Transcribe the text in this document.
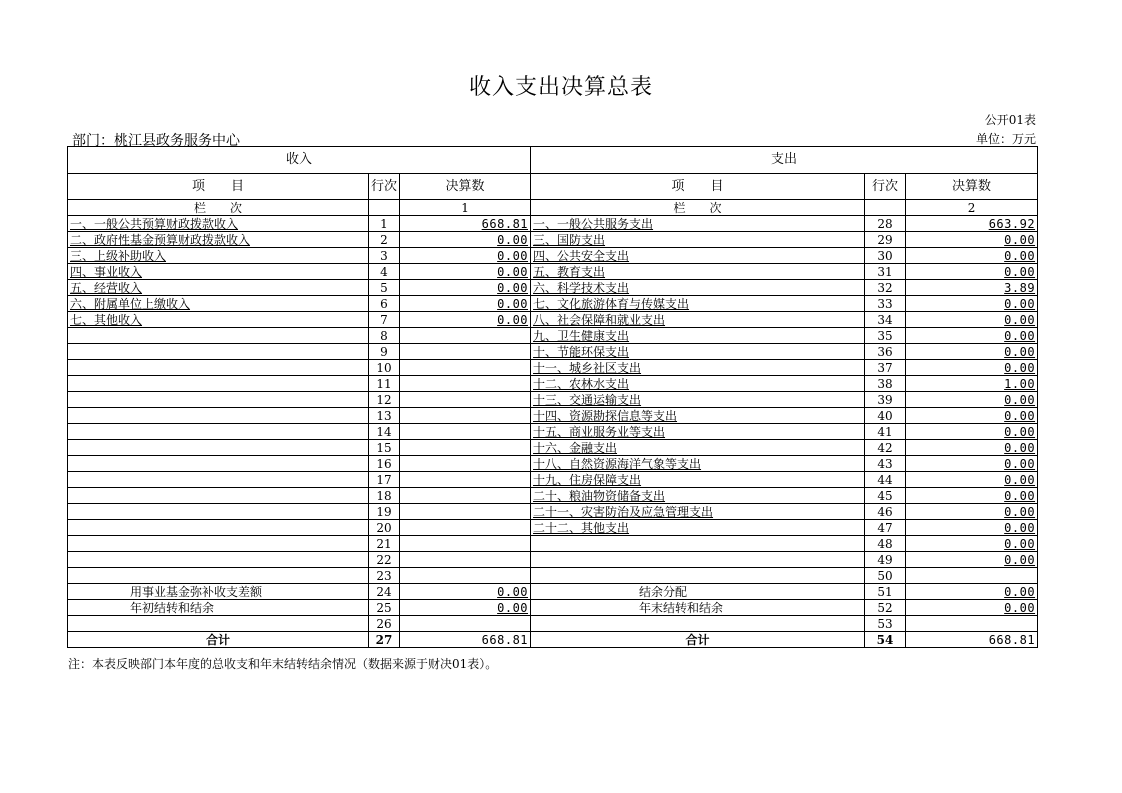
收入支出决算总表
公开01表
部门：桃江县政务服务中心	单位：万元
收入			支出		
项　　目	行次	决算数	项　　目	行次	决算数
栏　　次		1	栏　　次		2
一、一般公共预算财政拨款收入	1	668.81	一、一般公共服务支出	28	663.92
二、政府性基金预算财政拨款收入	2	0.00	三、国防支出	29	0.00
三、上级补助收入	3	0.00	四、公共安全支出	30	0.00
四、事业收入	4	0.00	五、教育支出	31	0.00
五、经营收入	5	0.00	六、科学技术支出	32	3.89
六、附属单位上缴收入	6	0.00	七、文化旅游体育与传媒支出	33	0.00
七、其他收入	7	0.00	八、社会保障和就业支出	34	0.00
	8		九、卫生健康支出	35	0.00
	9		十、节能环保支出	36	0.00
	10		十一、城乡社区支出	37	0.00
	11		十二、农林水支出	38	1.00
	12		十三、交通运输支出	39	0.00
	13		十四、资源勘探信息等支出	40	0.00
	14		十五、商业服务业等支出	41	0.00
	15		十六、金融支出	42	0.00
	16		十八、自然资源海洋气象等支出	43	0.00
	17		十九、住房保障支出	44	0.00
	18		二十、粮油物资储备支出	45	0.00
	19		二十一、灾害防治及应急管理支出	46	0.00
	20		二十二、其他支出	47	0.00
	21			48	0.00
	22			49	0.00
	23			50	
用事业基金弥补收支差额	24	0.00	结余分配	51	0.00
年初结转和结余	25	0.00	年末结转和结余	52	0.00
	26			53	
合计	27	668.81	合计	54	668.81
注：本表反映部门本年度的总收支和年末结转结余情况（数据来源于财决01表）。
